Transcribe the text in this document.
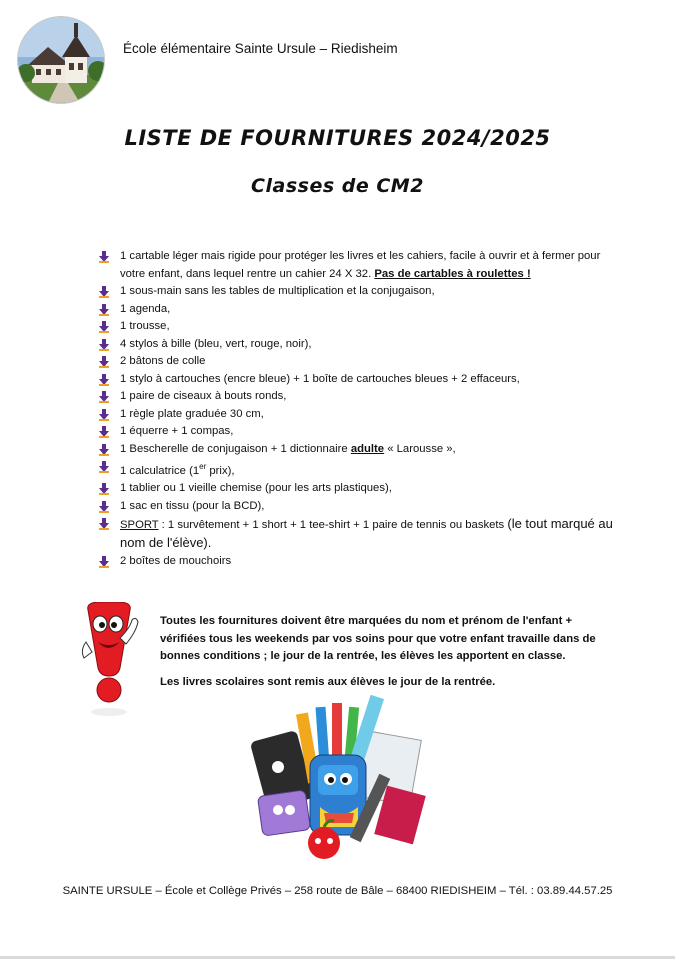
École élémentaire Sainte Ursule – Riedisheim
LISTE DE FOURNITURES 2024/2025
Classes de CM2
1 cartable léger mais rigide pour protéger les livres et les cahiers, facile à ouvrir et à fermer pour votre enfant, dans lequel rentre un cahier 24 X 32. Pas de cartables à roulettes !
1 sous-main sans les tables de multiplication et la conjugaison,
1 agenda,
1 trousse,
4 stylos à bille (bleu, vert, rouge, noir),
2 bâtons de colle
1 stylo à cartouches (encre bleue) + 1 boîte de cartouches bleues + 2 effaceurs,
1 paire de ciseaux à bouts ronds,
1 règle plate graduée 30 cm,
1 équerre + 1 compas,
1 Bescherelle de conjugaison + 1 dictionnaire adulte « Larousse »,
1 calculatrice (1er prix),
1 tablier ou 1 vieille chemise (pour les arts plastiques),
1 sac en tissu (pour la BCD),
SPORT : 1 survêtement + 1 short + 1 tee-shirt + 1 paire de tennis ou baskets (le tout marqué au nom de l'élève).
2 boîtes de mouchoirs

Toutes les fournitures doivent être marquées du nom et prénom de l'enfant + vérifiées tous les weekends par vos soins pour que votre enfant travaille dans de bonnes conditions ; le jour de la rentrée, les élèves les apportent en classe.

Les livres scolaires sont remis aux élèves le jour de la rentrée.

SAINTE URSULE – École et Collège Privés – 258 route de Bâle – 68400 RIEDISHEIM – Tél. : 03.89.44.57.25
